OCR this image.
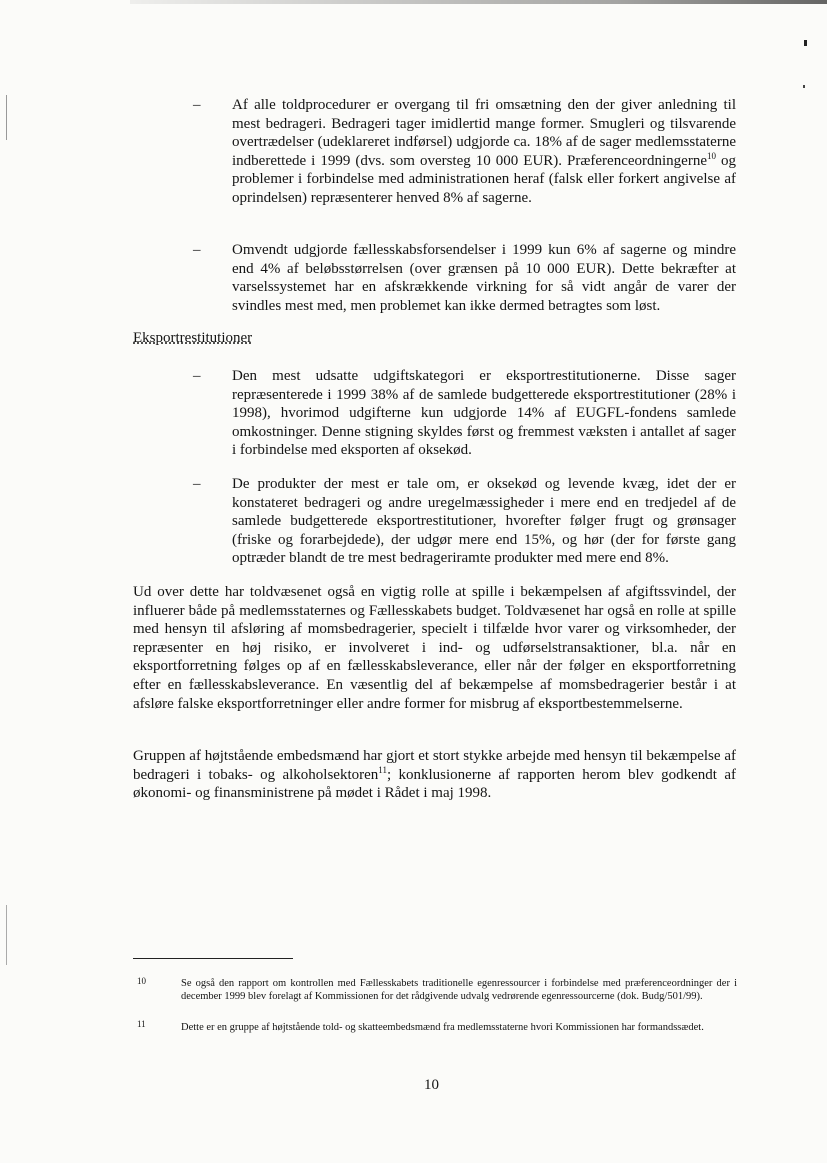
– Af alle toldprocedurer er overgang til fri omsætning den der giver anledning til mest bedrageri. Bedrageri tager imidlertid mange former. Smugleri og tilsvarende overtrædelser (udeklareret indførsel) udgjorde ca. 18% af de sager medlemsstaterne indberettede i 1999 (dvs. som oversteg 10 000 EUR). Præferenceordningerne$^{10}$ og problemer i forbindelse med administrationen heraf (falsk eller forkert angivelse af oprindelsen) repræsenterer henved 8% af sagerne.

– Omvendt udgjorde fællesskabsforsendelser i 1999 kun 6% af sagerne og mindre end 4% af beløbsstørrelsen (over grænsen på 10 000 EUR). Dette bekræfter at varselssystemet har en afskrækkende virkning for så vidt angår de varer der svindles mest med, men problemet kan ikke dermed betragtes som løst.

Eksportrestitutioner

– Den mest udsatte udgiftskategori er eksportrestitutionerne. Disse sager repræsenterede i 1999 38% af de samlede budgetterede eksportrestitutioner (28% i 1998), hvorimod udgifterne kun udgjorde 14% af EUGFL-fondens samlede omkostninger. Denne stigning skyldes først og fremmest væksten i antallet af sager i forbindelse med eksporten af oksekød.

– De produkter der mest er tale om, er oksekød og levende kvæg, idet der er konstateret bedrageri og andre uregelmæssigheder i mere end en tredjedel af de samlede budgetterede eksportrestitutioner, hvorefter følger frugt og grønsager (friske og forarbejdede), der udgør mere end 15%, og hør (der for første gang optræder blandt de tre mest bedrageriramte produkter med mere end 8%.

Ud over dette har toldvæsenet også en vigtig rolle at spille i bekæmpelsen af afgiftssvindel, der influerer både på medlemsstaternes og Fællesskabets budget. Toldvæsenet har også en rolle at spille med hensyn til afsløring af momsbedragerier, specielt i tilfælde hvor varer og virksomheder, der repræsenter en høj risiko, er involveret i ind- og udførselstransaktioner, bl.a. når en eksportforretning følges op af en fællesskabsleverance, eller når der følger en eksportforretning efter en fællesskabsleverance. En væsentlig del af bekæmpelse af momsbedragerier består i at afsløre falske eksportforretninger eller andre former for misbrug af eksportbestemmelserne.

Gruppen af højtstående embedsmænd har gjort et stort stykke arbejde med hensyn til bekæmpelse af bedrageri i tobaks- og alkoholsektoren$^{11}$; konklusionerne af rapporten herom blev godkendt af økonomi- og finansministrene på mødet i Rådet i maj 1998.

10	Se også den rapport om kontrollen med Fællesskabets traditionelle egenressourcer i forbindelse med præferenceordninger der i december 1999 blev forelagt af Kommissionen for det rådgivende udvalg vedrørende egenressourcerne (dok. Budg/501/99).

11	Dette er en gruppe af højtstående told- og skatteembedsmænd fra medlemsstaterne hvori Kommissionen har formandssædet.

10
